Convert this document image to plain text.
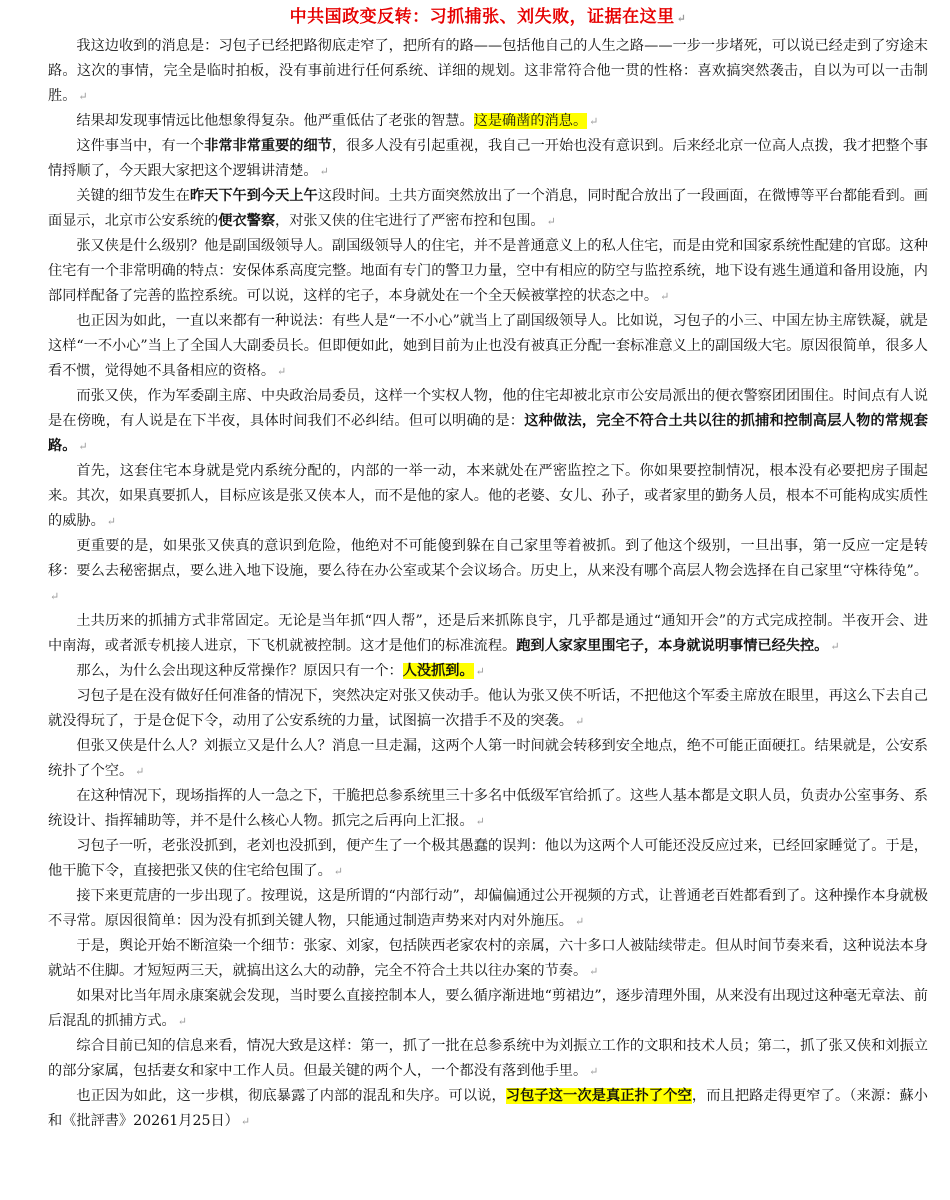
中共国政变反转：习抓捕张、刘失败，证据在这里 ↵

我这边收到的消息是：习包子已经把路彻底走窄了，把所有的路——包括他自己的人生之路——一步一步堵死，可以说已经走到了穷途末路。这次的事情，完全是临时拍板，没有事前进行任何系统、详细的规划。这非常符合他一贯的性格：喜欢搞突然袭击，自以为可以一击制胜。 ↵

结果却发现事情远比他想象得复杂。他严重低估了老张的智慧。这是确凿的消息。 ↵

这件事当中，有一个非常非常重要的细节，很多人没有引起重视，我自己一开始也没有意识到。后来经北京一位高人点拨，我才把整个事情捋顺了，今天跟大家把这个逻辑讲清楚。 ↵

关键的细节发生在昨天下午到今天上午这段时间。土共方面突然放出了一个消息，同时配合放出了一段画面，在微博等平台都能看到。画面显示，北京市公安系统的便衣警察，对张又侠的住宅进行了严密布控和包围。 ↵

张又侠是什么级别？他是副国级领导人。副国级领导人的住宅，并不是普通意义上的私人住宅，而是由党和国家系统性配建的官邸。这种住宅有一个非常明确的特点：安保体系高度完整。地面有专门的警卫力量，空中有相应的防空与监控系统，地下设有逃生通道和备用设施，内部同样配备了完善的监控系统。可以说，这样的宅子，本身就处在一个全天候被掌控的状态之中。 ↵

也正因为如此，一直以来都有一种说法：有些人是“一不小心”就当上了副国级领导人。比如说，习包子的小三、中国左协主席铁凝，就是这样“一不小心”当上了全国人大副委员长。但即便如此，她到目前为止也没有被真正分配一套标准意义上的副国级大宅。原因很简单，很多人看不惯，觉得她不具备相应的资格。 ↵

而张又侠，作为军委副主席、中央政治局委员，这样一个实权人物，他的住宅却被北京市公安局派出的便衣警察团团围住。时间点有人说是在傍晚，有人说是在下半夜，具体时间我们不必纠结。但可以明确的是：这种做法，完全不符合土共以往的抓捕和控制高层人物的常规套路。 ↵

首先，这套住宅本身就是党内系统分配的，内部的一举一动，本来就处在严密监控之下。你如果要控制情况，根本没有必要把房子围起来。其次，如果真要抓人，目标应该是张又侠本人，而不是他的家人。他的老婆、女儿、孙子，或者家里的勤务人员，根本不可能构成实质性的威胁。 ↵

更重要的是，如果张又侠真的意识到危险，他绝对不可能傻到躲在自己家里等着被抓。到了他这个级别，一旦出事，第一反应一定是转移：要么去秘密据点，要么进入地下设施，要么待在办公室或某个会议场合。历史上，从来没有哪个高层人物会选择在自己家里“守株待兔”。↵

土共历来的抓捕方式非常固定。无论是当年抓“四人帮”，还是后来抓陈良宇，几乎都是通过“通知开会”的方式完成控制。半夜开会、进中南海，或者派专机接人进京，下飞机就被控制。这才是他们的标准流程。跑到人家家里围宅子，本身就说明事情已经失控。 ↵

那么，为什么会出现这种反常操作？原因只有一个：人没抓到。 ↵

习包子是在没有做好任何准备的情况下，突然决定对张又侠动手。他认为张又侠不听话，不把他这个军委主席放在眼里，再这么下去自己就没得玩了，于是仓促下令，动用了公安系统的力量，试图搞一次措手不及的突袭。 ↵

但张又侠是什么人？刘振立又是什么人？消息一旦走漏，这两个人第一时间就会转移到安全地点，绝不可能正面硬扛。结果就是，公安系统扑了个空。 ↵

在这种情况下，现场指挥的人一急之下，干脆把总参系统里三十多名中低级军官给抓了。这些人基本都是文职人员，负责办公室事务、系统设计、指挥辅助等，并不是什么核心人物。抓完之后再向上汇报。 ↵

习包子一听，老张没抓到，老刘也没抓到，便产生了一个极其愚蠢的误判：他以为这两个人可能还没反应过来，已经回家睡觉了。于是，他干脆下令，直接把张又侠的住宅给包围了。 ↵

接下来更荒唐的一步出现了。按理说，这是所谓的“内部行动”，却偏偏通过公开视频的方式，让普通老百姓都看到了。这种操作本身就极不寻常。原因很简单：因为没有抓到关键人物，只能通过制造声势来对内对外施压。 ↵

于是，舆论开始不断渲染一个细节：张家、刘家，包括陕西老家农村的亲属，六十多口人被陆续带走。但从时间节奏来看，这种说法本身就站不住脚。才短短两三天，就搞出这么大的动静，完全不符合土共以往办案的节奏。 ↵

如果对比当年周永康案就会发现，当时要么直接控制本人，要么循序渐进地“剪裙边”，逐步清理外围，从来没有出现过这种毫无章法、前后混乱的抓捕方式。 ↵

综合目前已知的信息来看，情况大致是这样：第一，抓了一批在总参系统中为刘振立工作的文职和技术人员；第二，抓了张又侠和刘振立的部分家属，包括妻女和家中工作人员。但最关键的两个人，一个都没有落到他手里。 ↵

也正因为如此，这一步棋，彻底暴露了内部的混乱和失序。可以说，习包子这一次是真正扑了个空，而且把路走得更窄了。（来源：蘇小和《批評書》20261月25日） ↵
